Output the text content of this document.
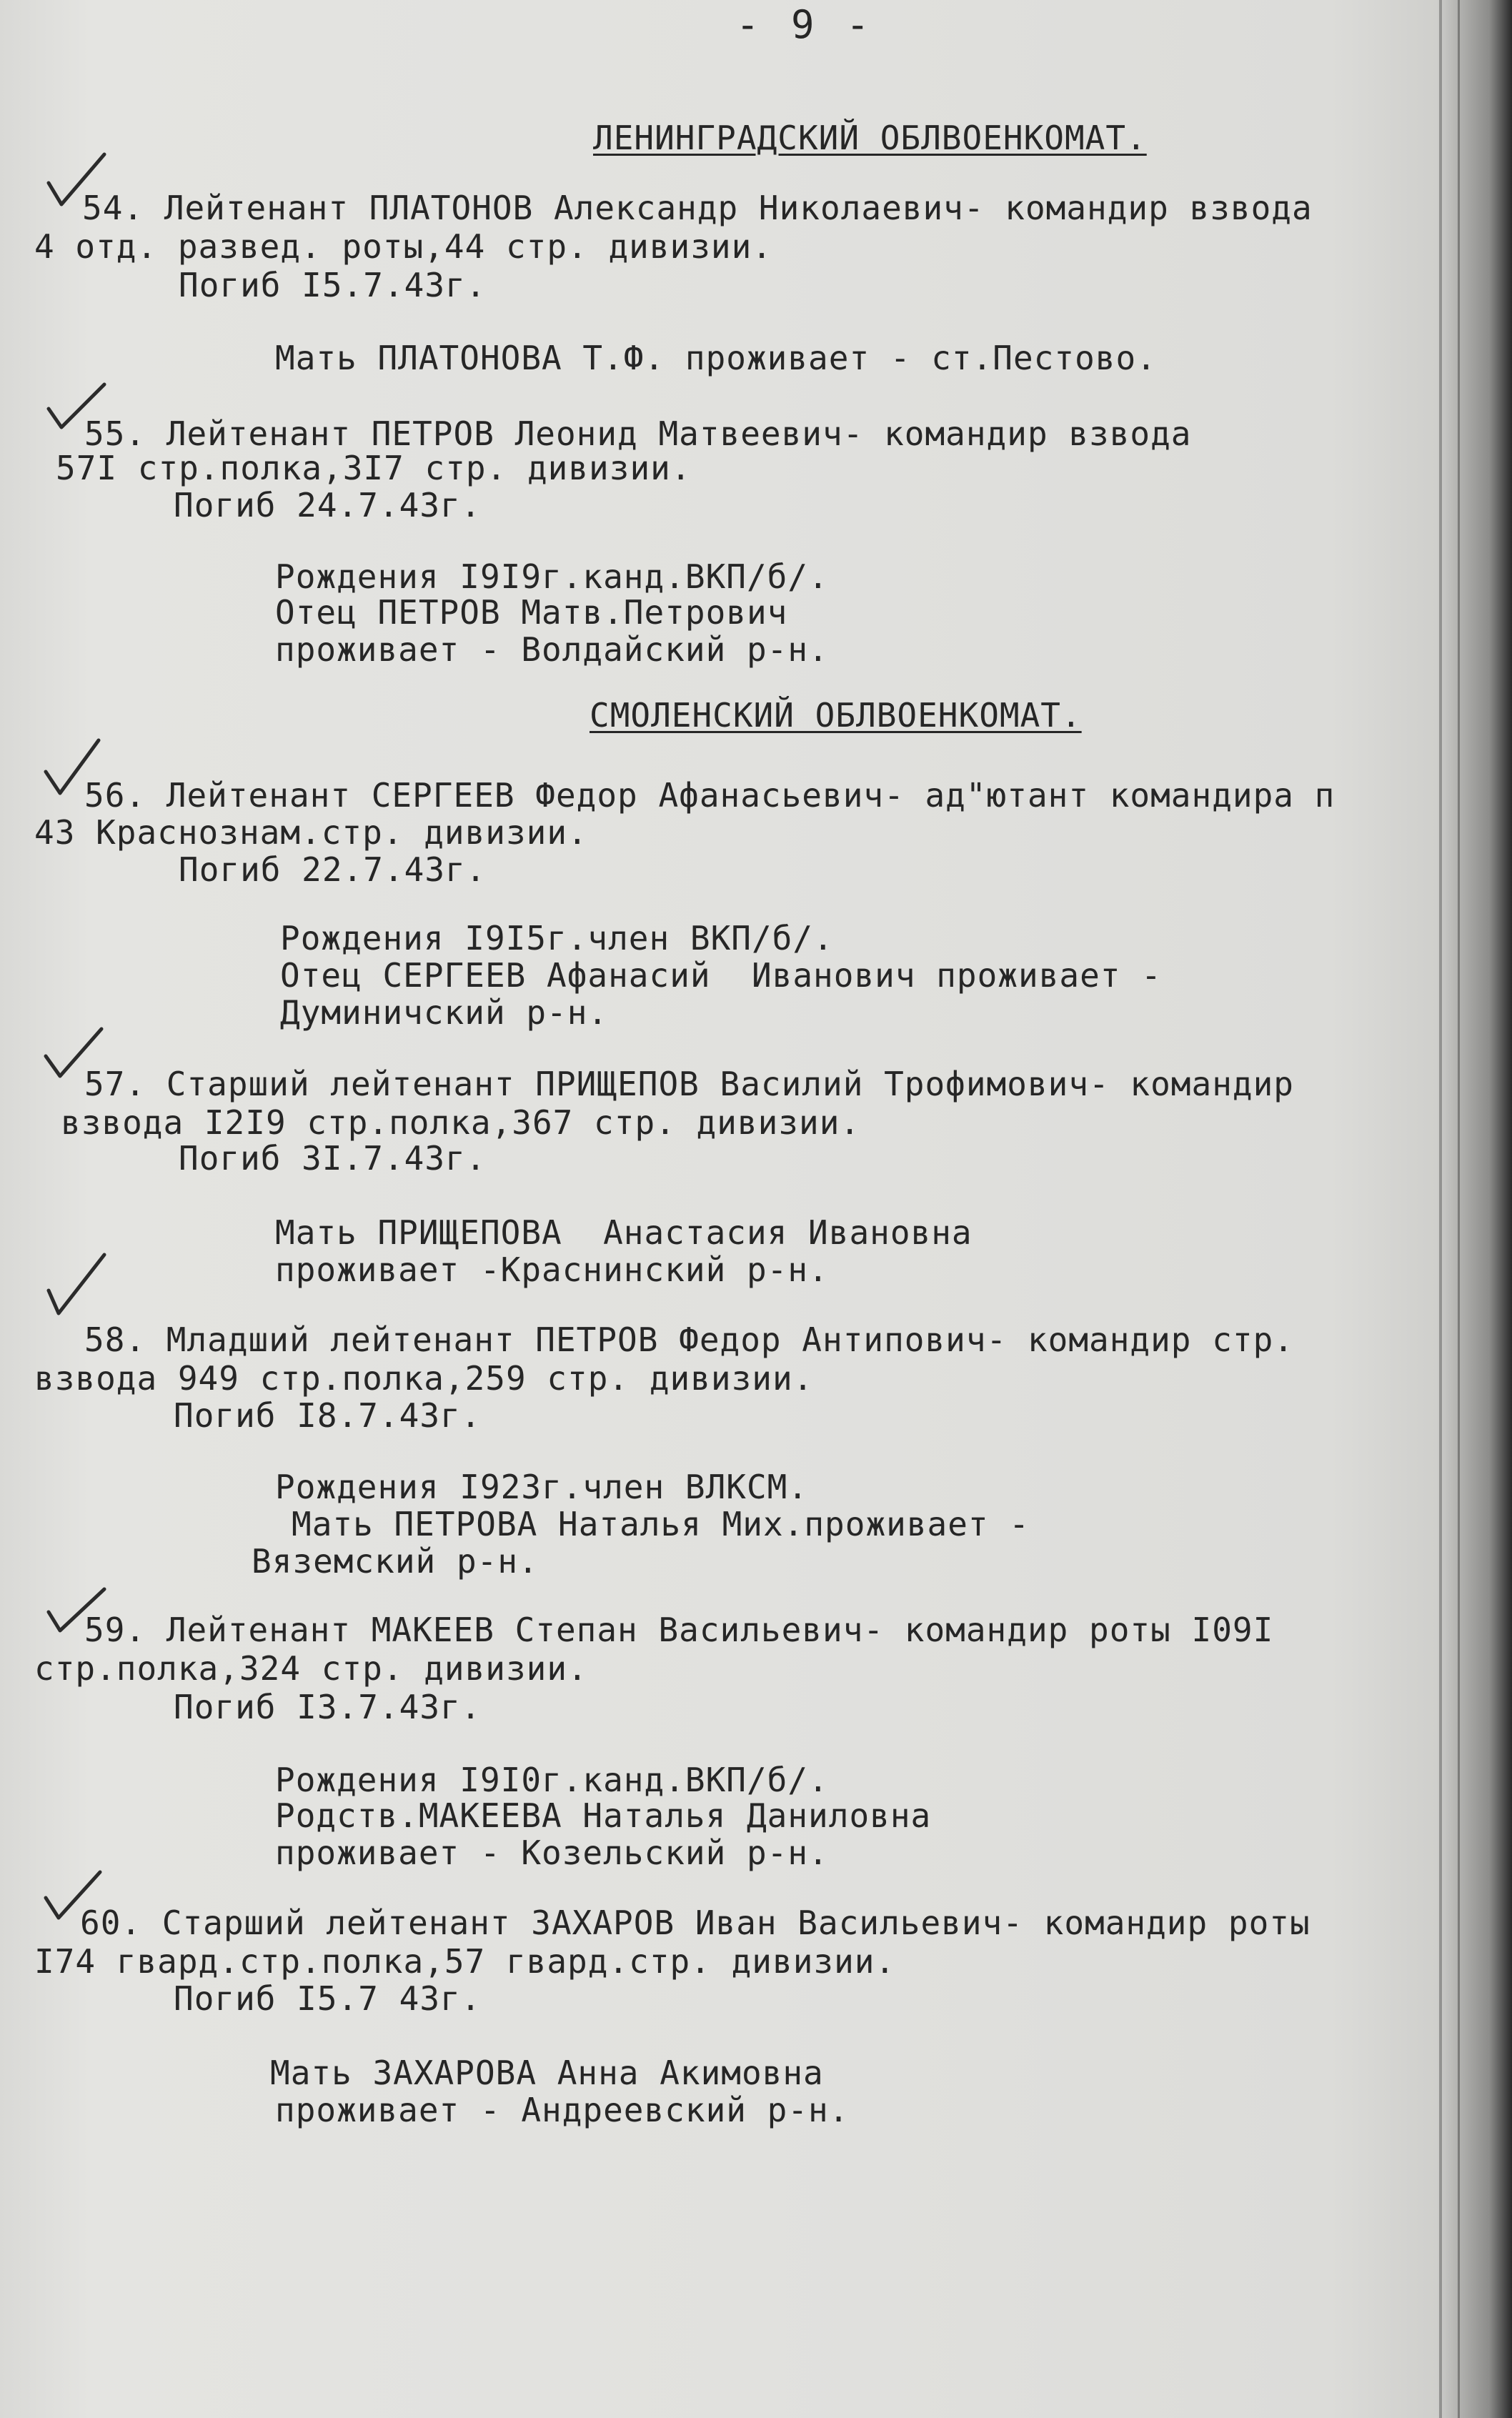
- 9 -
ЛЕНИНГРАДСКИЙ ОБЛВОЕНКОМАТ.
54. Лейтенант ПЛАТОНОВ Александр Николаевич- командир взвода
4 отд. развед. роты,44 стр. дивизии.
Погиб I5.7.43г.
Мать ПЛАТОНОВА Т.Ф. проживает - ст.Пестово.
55. Лейтенант ПЕТРОВ Леонид Матвеевич- командир взвода
57I стр.полка,3I7 стр. дивизии.
Погиб 24.7.43г.
Рождения I9I9г.канд.ВКП/б/.
Отец ПЕТРОВ Матв.Петрович
проживает - Волдайский р-н.
СМОЛЕНСКИЙ ОБЛВОЕНКОМАТ.
56. Лейтенант СЕРГЕЕВ Федор Афанасьевич- ад"ютант командира п
43 Краснознам.стр. дивизии.
Погиб 22.7.43г.
Рождения I9I5г.член ВКП/б/.
Отец СЕРГЕЕВ Афанасий  Иванович проживает -
Думиничский р-н.
57. Старший лейтенант ПРИЩЕПОВ Василий Трофимович- командир
взвода I2I9 стр.полка,367 стр. дивизии.
Погиб 3I.7.43г.
Мать ПРИЩЕПОВА  Анастасия Ивановна
проживает -Краснинский р-н.
58. Младший лейтенант ПЕТРОВ Федор Антипович- командир стр.
взвода 949 стр.полка,259 стр. дивизии.
Погиб I8.7.43г.
Рождения I923г.член ВЛКСМ.
Мать ПЕТРОВА Наталья Мих.проживает -
Вяземский р-н.
59. Лейтенант МАКЕЕВ Степан Васильевич- командир роты I09I
стр.полка,324 стр. дивизии.
Погиб I3.7.43г.
Рождения I9I0г.канд.ВКП/б/.
Родств.МАКЕЕВА Наталья Даниловна
проживает - Козельский р-н.
60. Старший лейтенант ЗАХАРОВ Иван Васильевич- командир роты
I74 гвард.стр.полка,57 гвард.стр. дивизии.
Погиб I5.7 43г.
Мать ЗАХАРОВА Анна Акимовна
проживает - Андреевский р-н.
